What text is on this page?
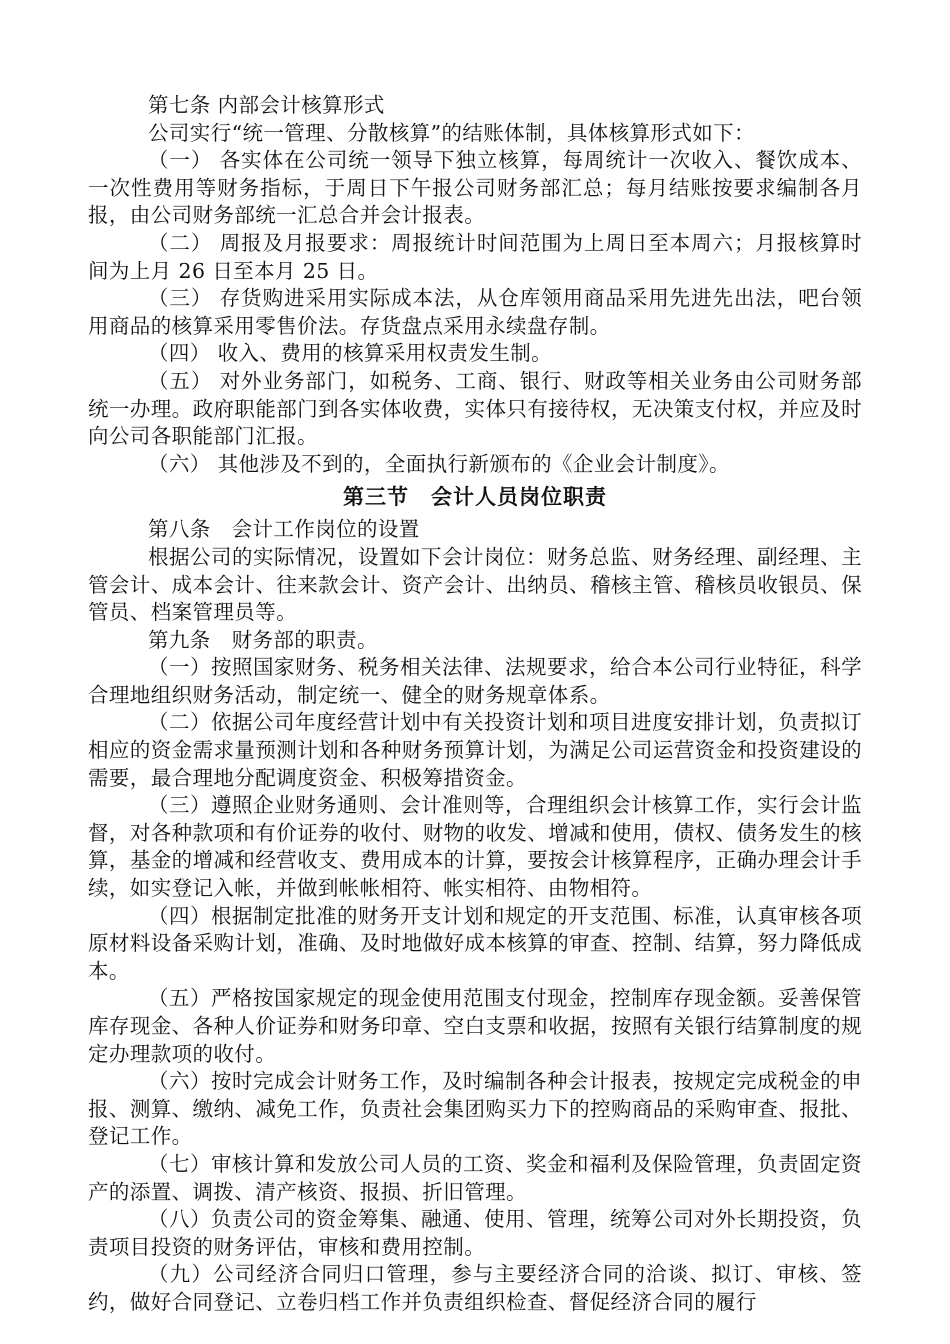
第七条 内部会计核算形式

公司实行“统一管理、分散核算”的结账体制，具体核算形式如下：

（一） 各实体在公司统一领导下独立核算，每周统计一次收入、餐饮成本、一次性费用等财务指标，于周日下午报公司财务部汇总；每月结账按要求编制各月报，由公司财务部统一汇总合并会计报表。

（二） 周报及月报要求：周报统计时间范围为上周日至本周六；月报核算时间为上月 26 日至本月 25 日。

（三） 存货购进采用实际成本法，从仓库领用商品采用先进先出法，吧台领用商品的核算采用零售价法。存货盘点采用永续盘存制。

（四） 收入、费用的核算采用权责发生制。

（五） 对外业务部门，如税务、工商、银行、财政等相关业务由公司财务部统一办理。政府职能部门到各实体收费，实体只有接待权，无决策支付权，并应及时向公司各职能部门汇报。

（六） 其他涉及不到的，全面执行新颁布的《企业会计制度》。

第三节　会计人员岗位职责

第八条　会计工作岗位的设置

根据公司的实际情况，设置如下会计岗位：财务总监、财务经理、副经理、主管会计、成本会计、往来款会计、资产会计、出纳员、稽核主管、稽核员收银员、保管员、档案管理员等。

第九条　财务部的职责。

（一）按照国家财务、税务相关法律、法规要求，给合本公司行业特征，科学合理地组织财务活动，制定统一、健全的财务规章体系。

（二）依据公司年度经营计划中有关投资计划和项目进度安排计划，负责拟订相应的资金需求量预测计划和各种财务预算计划，为满足公司运营资金和投资建设的需要，最合理地分配调度资金、积极筹措资金。

（三）遵照企业财务通则、会计准则等，合理组织会计核算工作，实行会计监督，对各种款项和有价证券的收付、财物的收发、增减和使用，债权、债务发生的核算，基金的增减和经营收支、费用成本的计算，要按会计核算程序，正确办理会计手续，如实登记入帐，并做到帐帐相符、帐实相符、由物相符。

（四）根据制定批准的财务开支计划和规定的开支范围、标准，认真审核各项原材料设备采购计划，准确、及时地做好成本核算的审查、控制、结算，努力降低成本。

（五）严格按国家规定的现金使用范围支付现金，控制库存现金额。妥善保管库存现金、各种人价证券和财务印章、空白支票和收据，按照有关银行结算制度的规定办理款项的收付。

（六）按时完成会计财务工作，及时编制各种会计报表，按规定完成税金的申报、测算、缴纳、减免工作，负责社会集团购买力下的控购商品的采购审查、报批、登记工作。

（七）审核计算和发放公司人员的工资、奖金和福利及保险管理，负责固定资产的添置、调拨、清产核资、报损、折旧管理。

（八）负责公司的资金筹集、融通、使用、管理，统筹公司对外长期投资，负责项目投资的财务评估，审核和费用控制。

（九）公司经济合同归口管理，参与主要经济合同的洽谈、拟订、审核、签约，做好合同登记、立卷归档工作并负责组织检查、督促经济合同的履行
